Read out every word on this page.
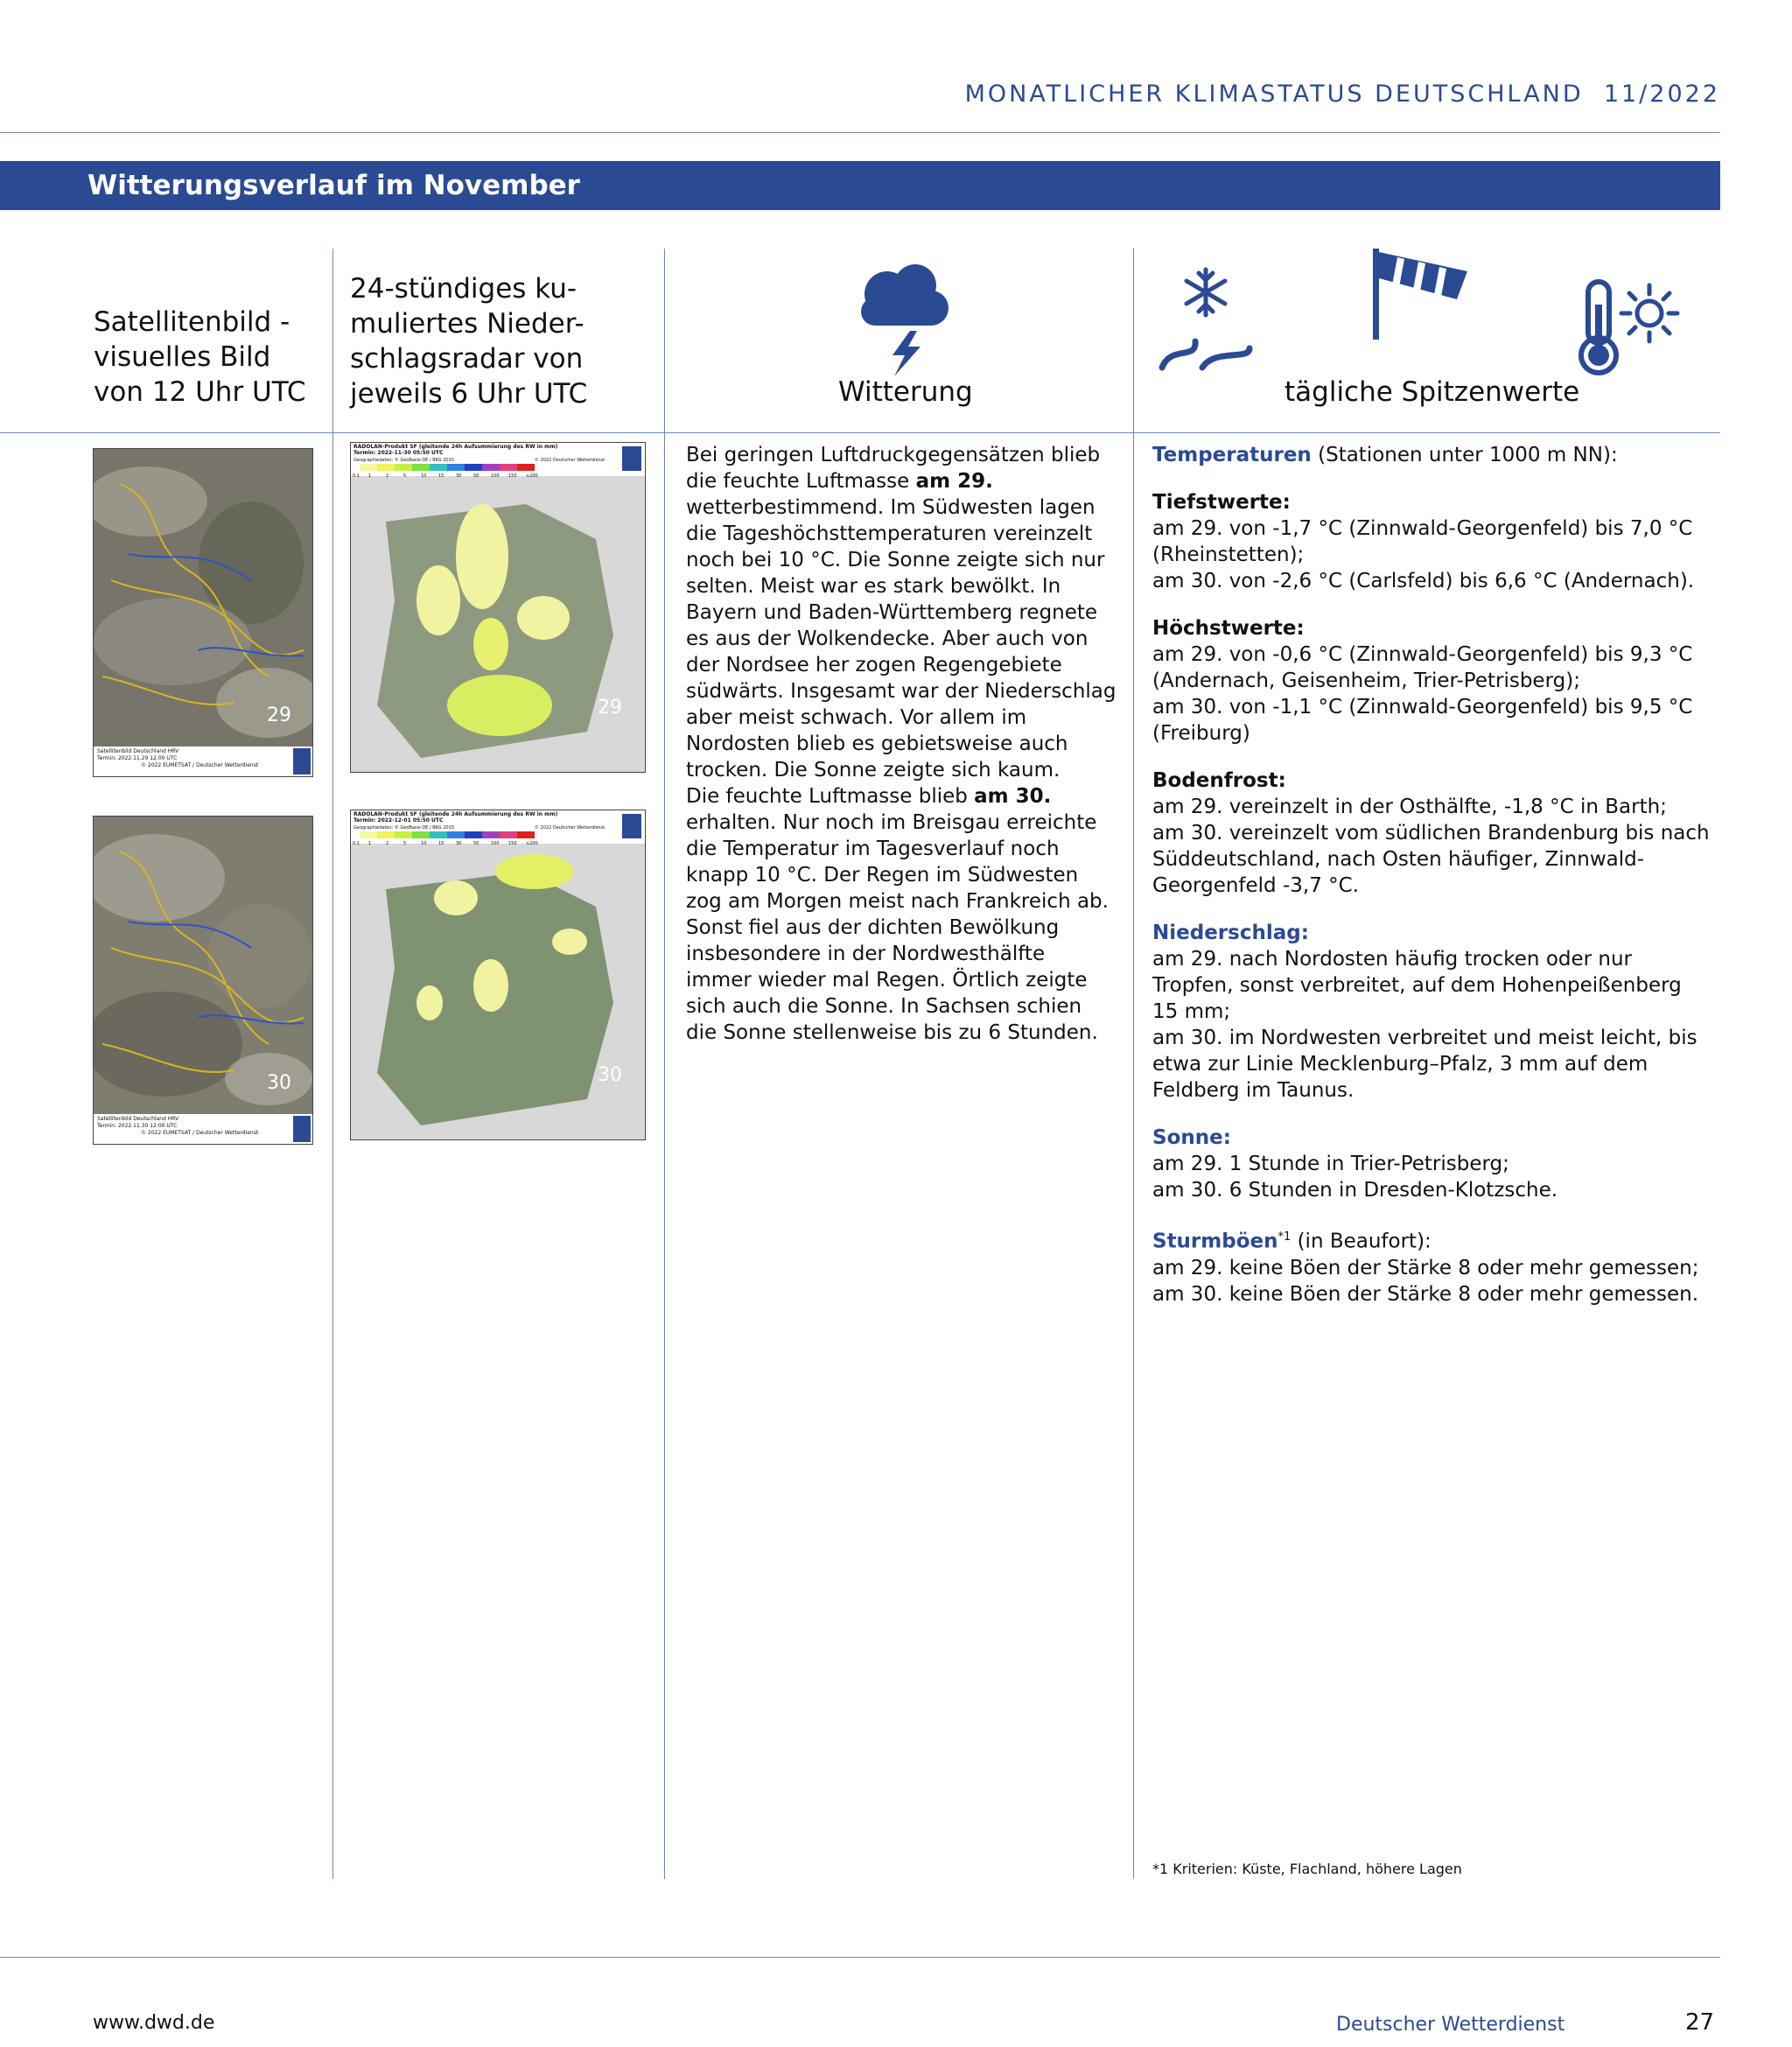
MONATLICHER KLIMASTATUS DEUTSCHLAND 11/2022
Witterungsverlauf im November
Satellitenbild -
visuelles Bild
von 12 Uhr UTC
24-stündiges ku-
muliertes Nieder-
schlagsradar von
jeweils 6 Uhr UTC	Witterung	tägliche Spitzenwerte
29
Satellitenbild Deutschland HRV
Termin: 2022.11.29 12:00 UTC
© 2022 EUMETSAT / Deutscher Wetterdienst
30
Satellitenbild Deutschland HRV
Termin: 2022.11.30 12:00 UTC
© 2022 EUMETSAT / Deutscher Wetterdienst
RADOLAN-Produkt SF (gleitende 24h Aufsummierung des RW in mm)
Termin: 2022-11-30 05:50 UTC
Geographiedaten: © GeoBasis-DE / BKG 2015	© 2022 Deutscher Wetterdienst
29
0.1 1	2	5	10	15	30	50	100 150 ≥200
RADOLAN-Produkt SF (gleitende 24h Aufsummierung des RW in mm)
Termin: 2022-12-01 05:50 UTC
Geographiedaten: © GeoBasis-DE / BKG 2015	© 2022 Deutscher Wetterdienst
30
0.1 1	2	5	10	15	30	50	100 150 ≥200

Bei geringen Luftdruckgegensätzen blieb die feuchte Luftmasse am 29. wetterbestimmend. Im Südwesten lagen die Tageshöchsttemperaturen vereinzelt noch bei 10 °C. Die Sonne zeigte sich nur selten. Meist war es stark bewölkt. In Bayern und Baden-Württemberg regnete es aus der Wolkendecke. Aber auch von der Nordsee her zogen Regengebiete südwärts. Insgesamt war der Niederschlag aber meist schwach. Vor allem im Nordosten blieb es gebietsweise auch trocken. Die Sonne zeigte sich kaum.

Die feuchte Luftmasse blieb am 30. erhalten. Nur noch im Breisgau erreichte die Temperatur im Tagesverlauf noch knapp 10 °C. Der Regen im Südwesten zog am Morgen meist nach Frankreich ab. Sonst fiel aus der dichten Bewölkung insbesondere in der Nordwesthälfte immer wieder mal Regen. Örtlich zeigte sich auch die Sonne. In Sachsen schien die Sonne stellenweise bis zu 6 Stunden.

Temperaturen (Stationen unter 1000 m NN):
Tiefstwerte:
am 29. von -1,7 °C (Zinnwald-Georgenfeld) bis 7,0 °C (Rheinstetten);
am 30. von -2,6 °C (Carlsfeld) bis 6,6 °C (Andernach).
Höchstwerte:
am 29. von -0,6 °C (Zinnwald-Georgenfeld) bis 9,3 °C (Andernach, Geisenheim, Trier-Petrisberg);
am 30. von -1,1 °C (Zinnwald-Georgenfeld) bis 9,5 °C (Freiburg)
Bodenfrost:
am 29. vereinzelt in der Osthälfte, -1,8 °C in Barth;
am 30. vereinzelt vom südlichen Brandenburg bis nach Süddeutschland, nach Osten häufiger, Zinnwald-Georgenfeld -3,7 °C.
Niederschlag:
am 29. nach Nordosten häufig trocken oder nur Tropfen, sonst verbreitet, auf dem Hohenpeißenberg 15 mm;
am 30. im Nordwesten verbreitet und meist leicht, bis etwa zur Linie Mecklenburg–Pfalz, 3 mm auf dem Feldberg im Taunus.
Sonne:
am 29. 1 Stunde in Trier-Petrisberg;
am 30. 6 Stunden in Dresden-Klotzsche.
Sturmböen$^{*1}$ (in Beaufort):
am 29. keine Böen der Stärke 8 oder mehr gemessen;
am 30. keine Böen der Stärke 8 oder mehr gemessen.
*1 Kriterien: Küste, Flachland, höhere Lagen
www.dwd.de	Deutscher Wetterdienst	27
